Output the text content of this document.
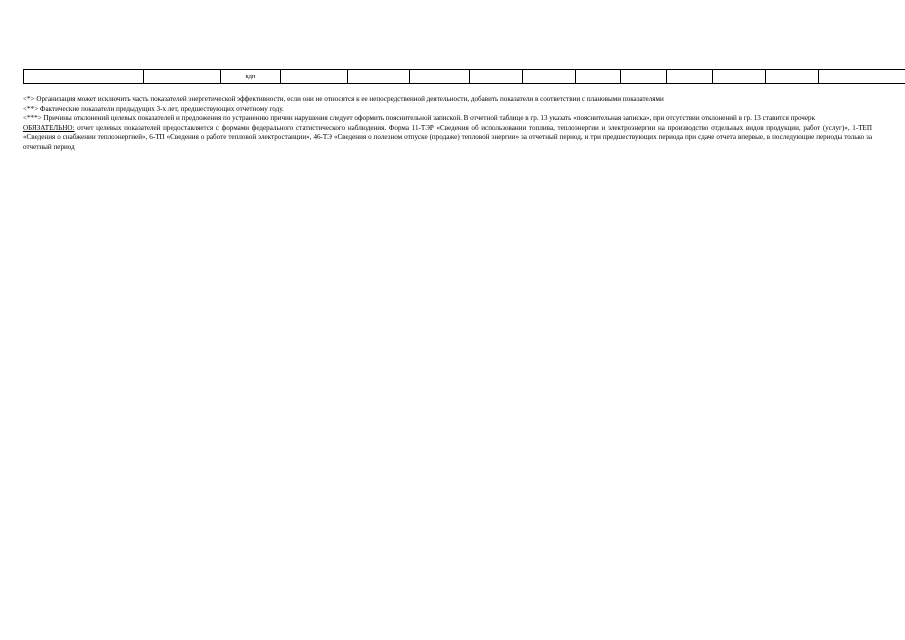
		кдп											

<*> Организация может исключить часть показателей энергетической эффективности, если они не относятся к ее непосредственной деятельности, добавить показатели в соответствии с плановыми показателями

<**> Фактические показатели предыдущих 3-х лет, предшествующих отчетному году.

<***> Причины отклонений целевых показателей и предложения по устранению причин нарушения следует оформить пояснительной запиской. В отчетной таблице в гр. 13 указать «пояснительная записка», при отсутствии отклонений в гр. 13 ставится прочерк

ОБЯЗАТЕЛЬНО: отчет целевых показателей предоставляется с формами федерального статистического наблюдения. Форма 11-ТЭР «Сведения об использовании топлива, теплоэнергии и электроэнергии на производство отдельных видов продукции, работ (услуг)», 1-ТЕП «Сведения о снабжении теплоэнергией», 6-ТП «Сведения о работе тепловой электростанции», 46-ТЭ «Сведения о полезном отпуске (продаже) тепловой энергии» за отчетный период, и три предшествующих периода при сдаче отчета впервые, в последующие периоды только за отчетный период
